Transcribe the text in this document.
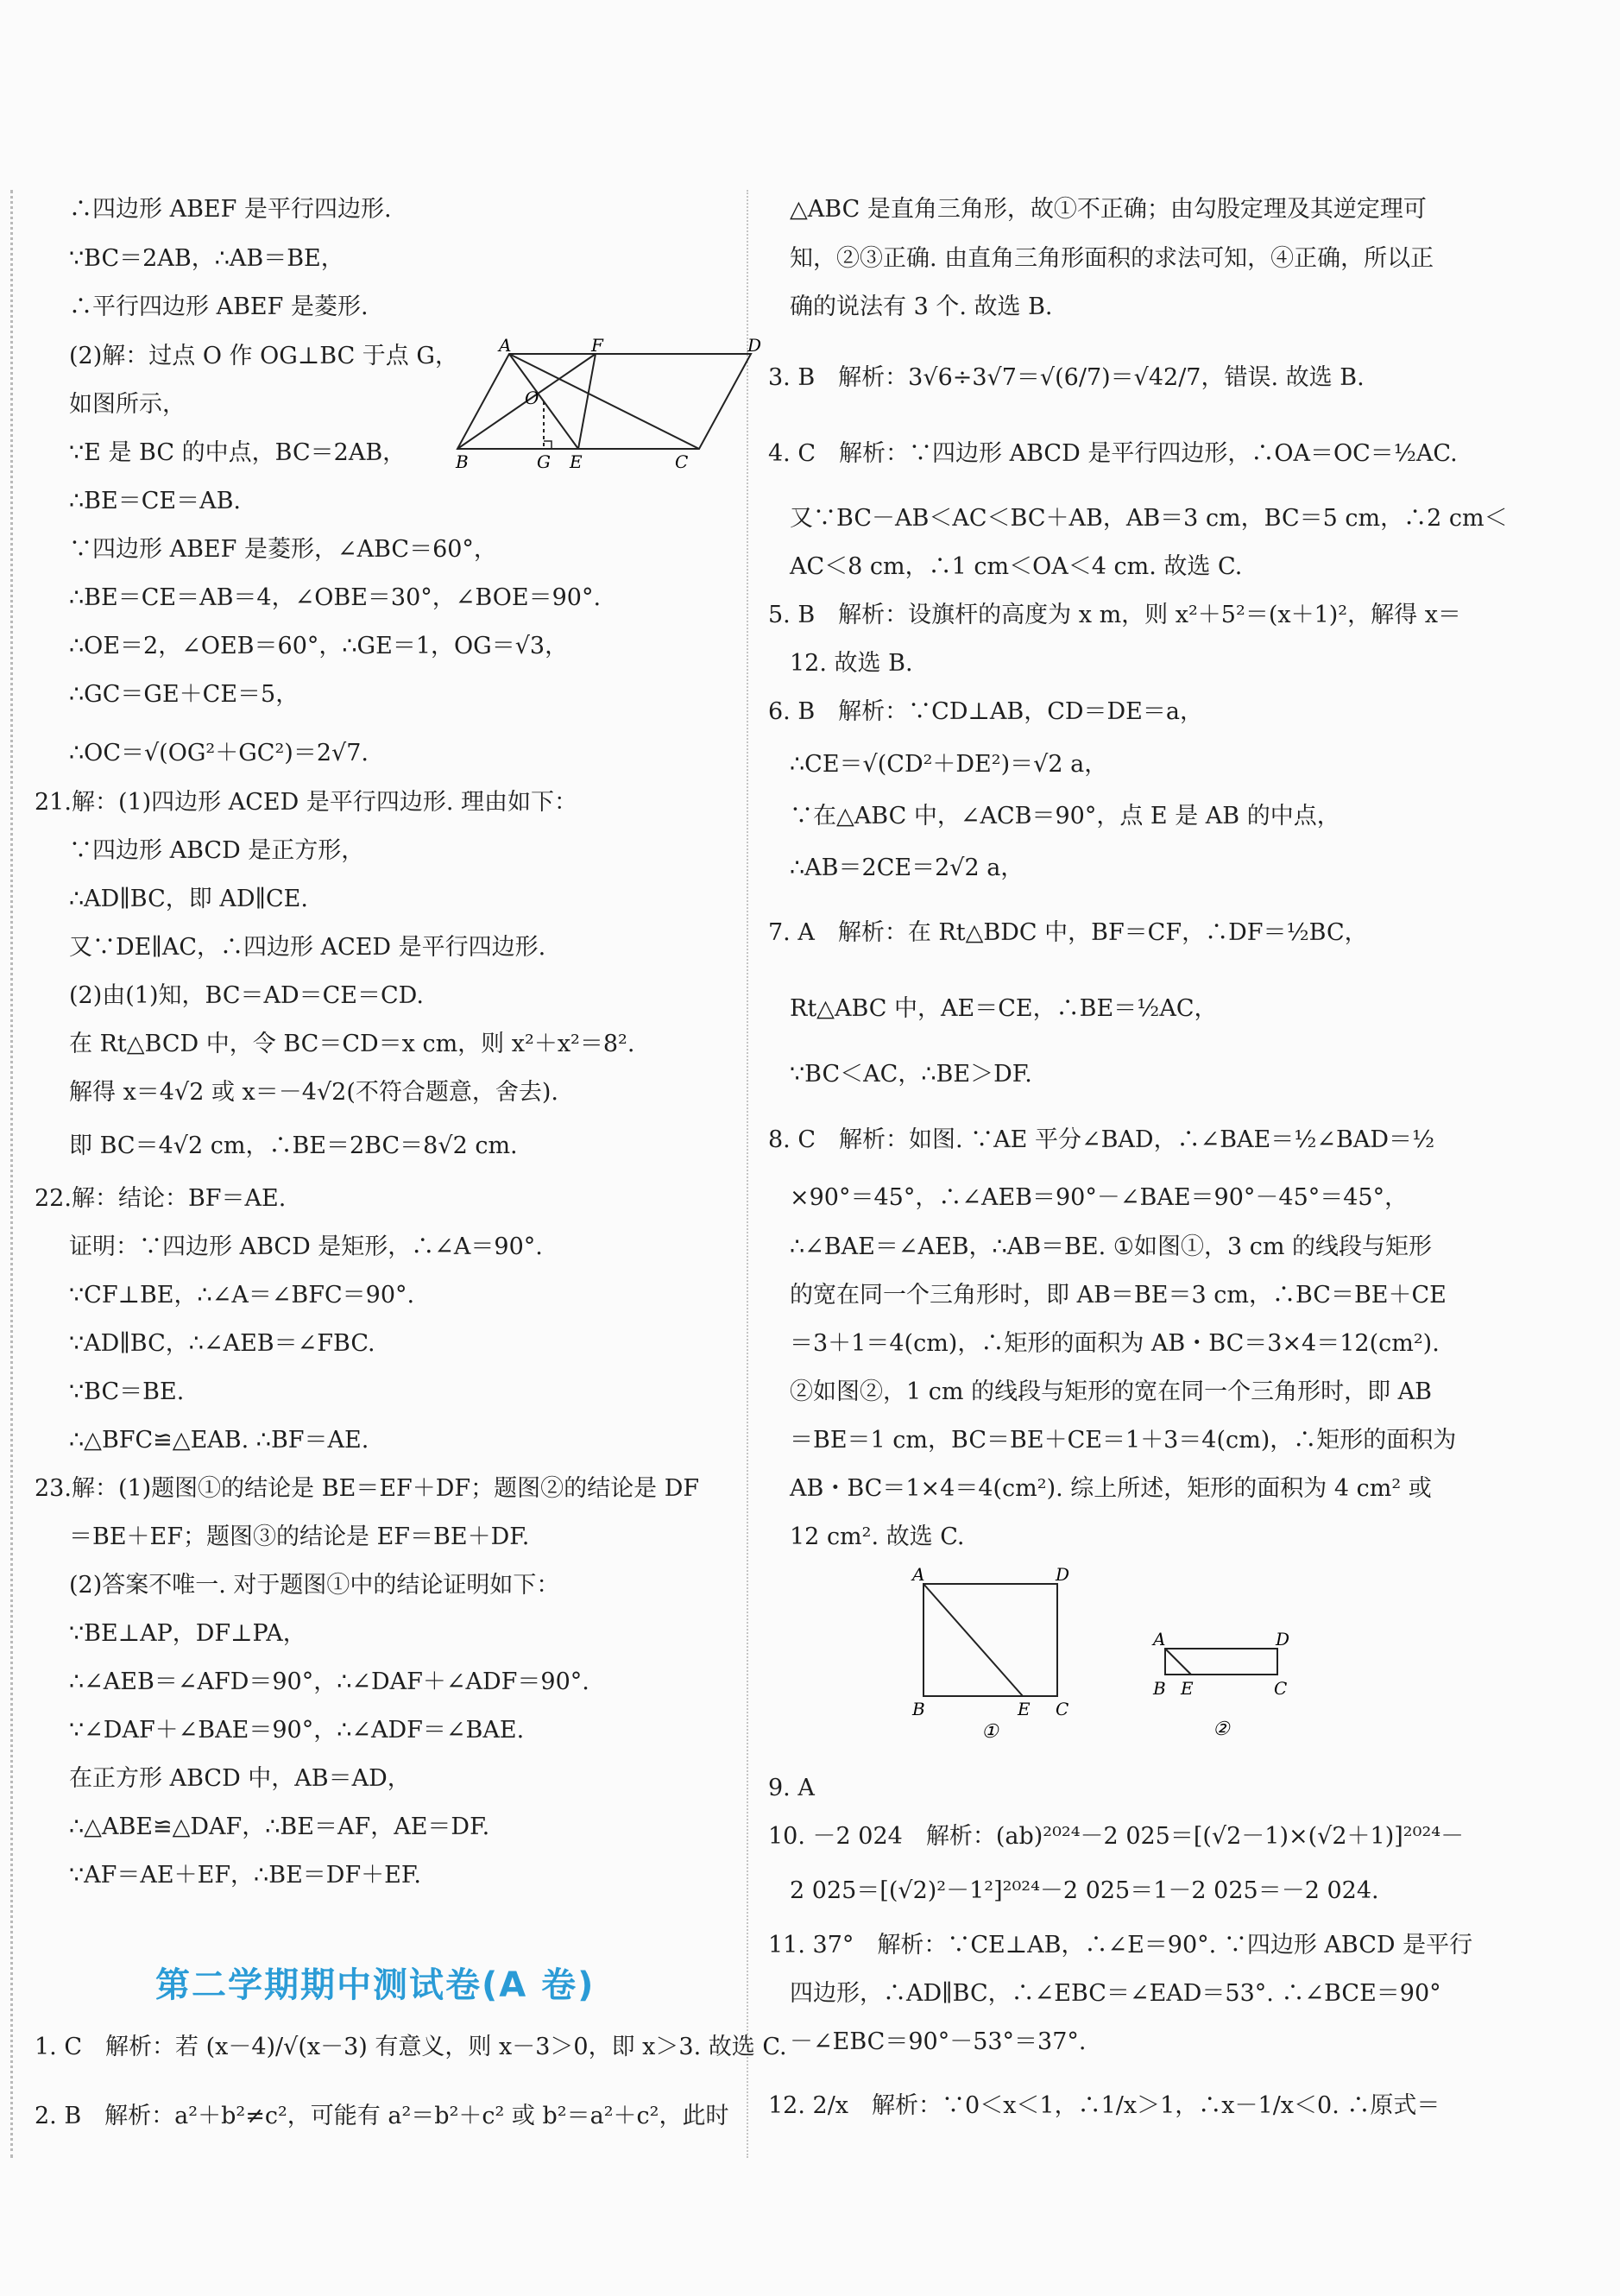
∴四边形 ABEF 是平行四边形.
∵BC＝2AB，∴AB＝BE，
∴平行四边形 ABEF 是菱形.
(2)解：过点 O 作 OG⊥BC 于点 G，
如图所示，
∵E 是 BC 的中点，BC＝2AB，
∴BE＝CE＝AB.
∵四边形 ABEF 是菱形，∠ABC＝60°，
∴BE＝CE＝AB＝4，∠OBE＝30°，∠BOE＝90°.
∴OE＝2，∠OEB＝60°，∴GE＝1，OG＝√3，
∴GC＝GE＋CE＝5，
∴OC＝√(OG²＋GC²)＝2√7.
21.解：(1)四边形 ACED 是平行四边形. 理由如下：
∵四边形 ABCD 是正方形，
∴AD∥BC，即 AD∥CE.
又∵DE∥AC，∴四边形 ACED 是平行四边形.
(2)由(1)知，BC＝AD＝CE＝CD.
在 Rt△BCD 中，令 BC＝CD＝x cm，则 x²＋x²＝8².
解得 x＝4√2 或 x＝－4√2(不符合题意，舍去).
即 BC＝4√2 cm，∴BE＝2BC＝8√2 cm.
22.解：结论：BF＝AE.
证明：∵四边形 ABCD 是矩形，∴∠A＝90°.
∵CF⊥BE，∴∠A＝∠BFC＝90°.
∵AD∥BC，∴∠AEB＝∠FBC.
∵BC＝BE.
∴△BFC≌△EAB. ∴BF＝AE.
23.解：(1)题图①的结论是 BE＝EF＋DF；题图②的结论是 DF
＝BE＋EF；题图③的结论是 EF＝BE＋DF.
(2)答案不唯一. 对于题图①中的结论证明如下：
∵BE⊥AP，DF⊥PA，
∴∠AEB＝∠AFD＝90°，∴∠DAF＋∠ADF＝90°.
∵∠DAF＋∠BAE＝90°，∴∠ADF＝∠BAE.
在正方形 ABCD 中，AB＝AD，
∴△ABE≌△DAF，∴BE＝AF，AE＝DF.
∵AF＝AE＋EF，∴BE＝DF＋EF.
第二学期期中测试卷(A 卷)
1. C　解析：若 (x－4)/√(x－3) 有意义，则 x－3＞0，即 x＞3. 故选 C.
2. B　解析：a²＋b²≠c²，可能有 a²＝b²＋c² 或 b²＝a²＋c²，此时
A	F	D
O
B	G E	C
△ABC 是直角三角形，故①不正确；由勾股定理及其逆定理可
知，②③正确. 由直角三角形面积的求法可知，④正确，所以正
确的说法有 3 个. 故选 B.
3. B　解析：3√6÷3√7＝√(6/7)＝√42/7，错误. 故选 B.
4. C　解析：∵四边形 ABCD 是平行四边形，∴OA＝OC＝½AC.
又∵BC－AB＜AC＜BC＋AB，AB＝3 cm，BC＝5 cm，∴2 cm＜
AC＜8 cm，∴1 cm＜OA＜4 cm. 故选 C.
5. B　解析：设旗杆的高度为 x m，则 x²＋5²＝(x＋1)²，解得 x＝
12. 故选 B.
6. B　解析：∵CD⊥AB，CD＝DE＝a，
∴CE＝√(CD²＋DE²)＝√2 a，
∵在△ABC 中，∠ACB＝90°，点 E 是 AB 的中点，
∴AB＝2CE＝2√2 a，
7. A　解析：在 Rt△BDC 中，BF＝CF，∴DF＝½BC，
Rt△ABC 中，AE＝CE，∴BE＝½AC，
∵BC＜AC，∴BE＞DF.
8. C　解析：如图. ∵AE 平分∠BAD，∴∠BAE＝½∠BAD＝½
×90°＝45°，∴∠AEB＝90°－∠BAE＝90°－45°＝45°，
∴∠BAE＝∠AEB，∴AB＝BE. ①如图①，3 cm 的线段与矩形
的宽在同一个三角形时，即 AB＝BE＝3 cm，∴BC＝BE＋CE
＝3＋1＝4(cm)，∴矩形的面积为 AB・BC＝3×4＝12(cm²).
②如图②，1 cm 的线段与矩形的宽在同一个三角形时，即 AB
＝BE＝1 cm，BC＝BE＋CE＝1＋3＝4(cm)，∴矩形的面积为
AB・BC＝1×4＝4(cm²). 综上所述，矩形的面积为 4 cm² 或
12 cm². 故选 C.
A	D
B	E C
①
A	D
B E	C
②
9. A
10. －2 024　解析：(ab)²⁰²⁴－2 025＝[(√2－1)×(√2＋1)]²⁰²⁴－
2 025＝[(√2)²－1²]²⁰²⁴－2 025＝1－2 025＝－2 024.
11. 37°　解析：∵CE⊥AB，∴∠E＝90°. ∵四边形 ABCD 是平行
四边形，∴AD∥BC，∴∠EBC＝∠EAD＝53°. ∴∠BCE＝90°
－∠EBC＝90°－53°＝37°.
12. 2/x　解析：∵0＜x＜1，∴1/x＞1，∴x－1/x＜0. ∴原式＝
